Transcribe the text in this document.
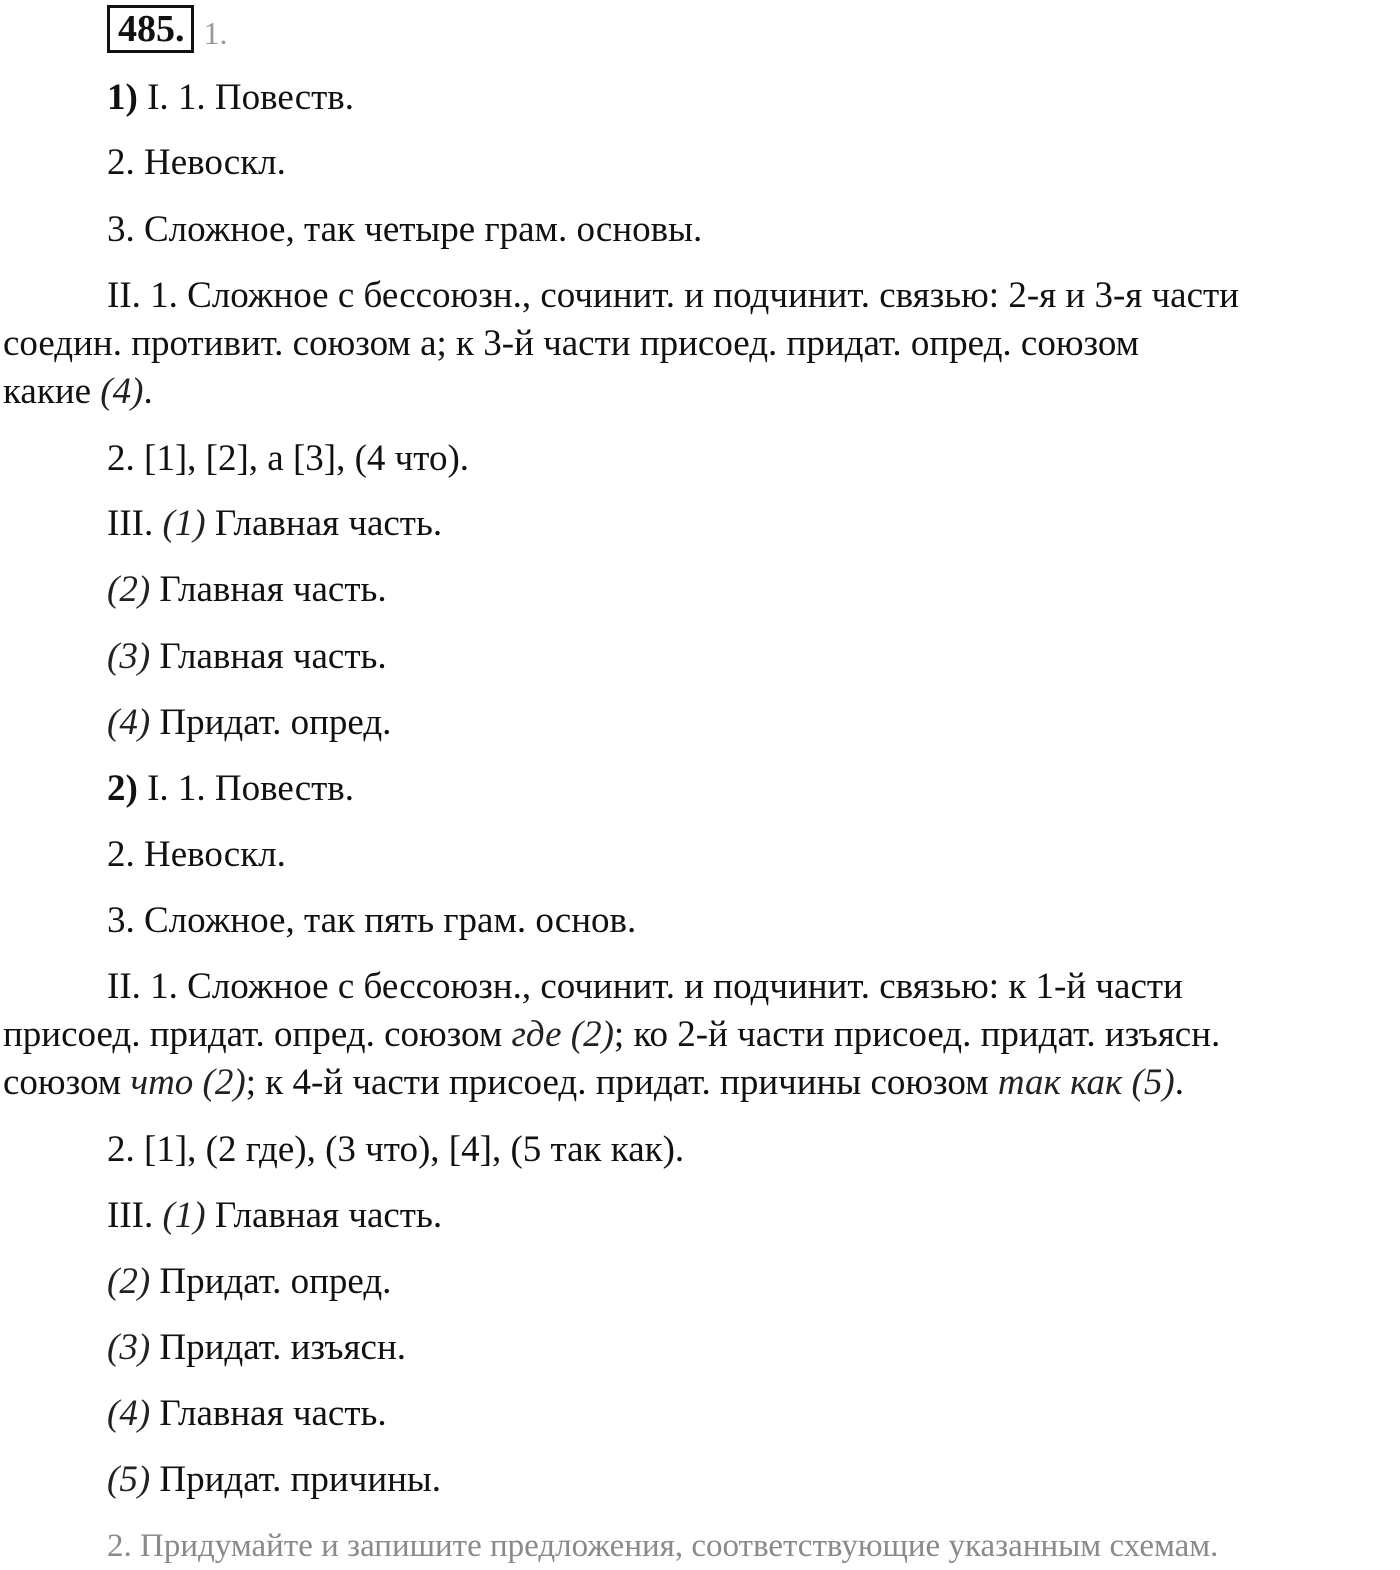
485. 1.
1) I. 1. Повеств.
2. Невоскл.
3. Сложное, так четыре грам. основы.
II. 1. Сложное с бессоюзн., сочинит. и подчинит. связью: 2-я и 3-я части
соедин. противит. союзом а; к 3-й части присоед. придат. опред. союзом
какие (4).
2. [1], [2], а [3], (4 что).
III. (1) Главная часть.
(2) Главная часть.
(3) Главная часть.
(4) Придат. опред.
2) I. 1. Повеств.
2. Невоскл.
3. Сложное, так пять грам. основ.
II. 1. Сложное с бессоюзн., сочинит. и подчинит. связью: к 1-й части
присоед. придат. опред. союзом где (2); ко 2-й части присоед. придат. изъясн.
союзом что (2); к 4-й части присоед. придат. причины союзом так как (5).
2. [1], (2 где), (3 что), [4], (5 так как).
III. (1) Главная часть.
(2) Придат. опред.
(3) Придат. изъясн.
(4) Главная часть.
(5) Придат. причины.
2. Придумайте и запишите предложения, соответствующие указанным схемам.
